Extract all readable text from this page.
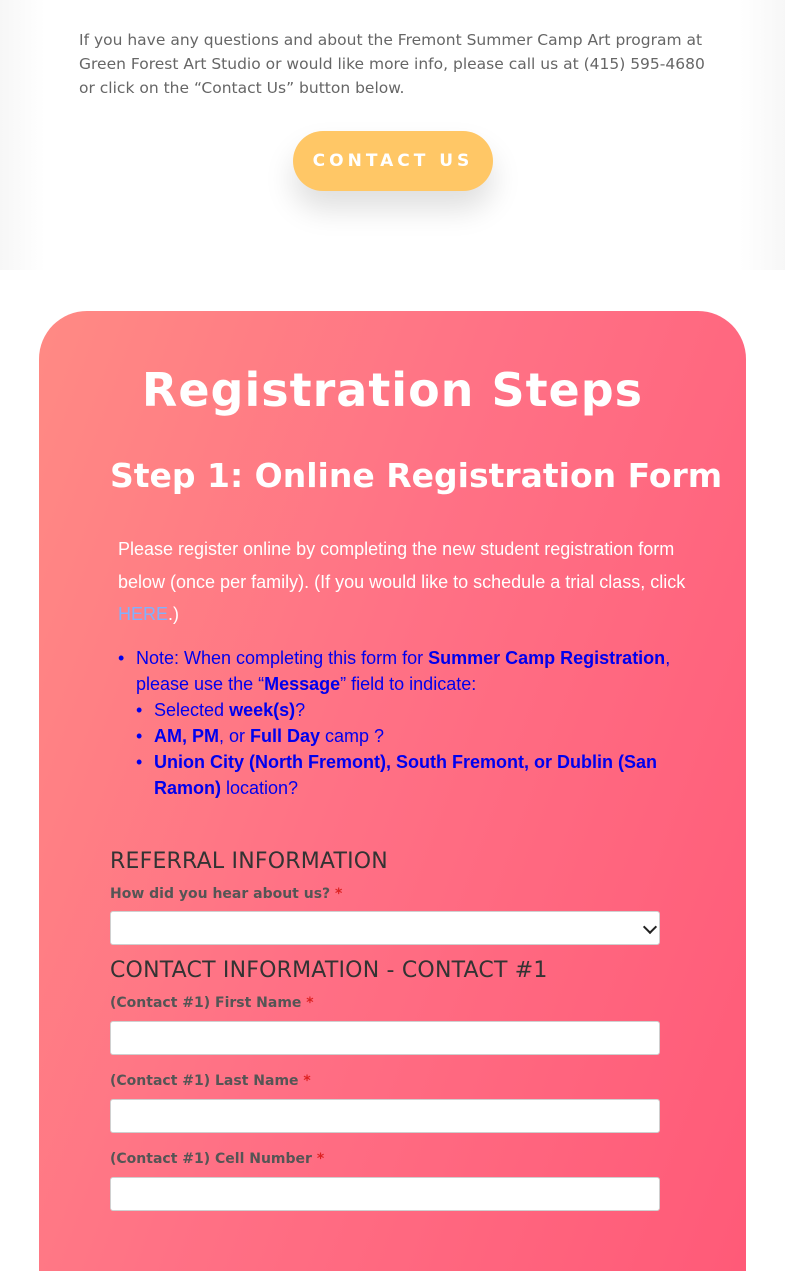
If you have any questions and about the Fremont Summer Camp Art program at Green Forest Art Studio or would like more info, please call us at (415) 595-4680 or click on the “Contact Us” button below.

CONTACT US
Registration Steps
Step 1: Online Registration Form

Please register online by completing the new student registration form below (once per family). (If you would like to schedule a trial class, click HERE.)

• Note: When completing this form for Summer Camp Registration, please use the “Message” field to indicate:
• Selected week(s)?
• AM, PM, or Full Day camp ?
• Union City (North Fremont), South Fremont, or Dublin (San Ramon) location?
REFERRAL INFORMATION
How did you hear about us? *
CONTACT INFORMATION - CONTACT #1
(Contact #1) First Name *
(Contact #1) Last Name *
(Contact #1) Cell Number *
